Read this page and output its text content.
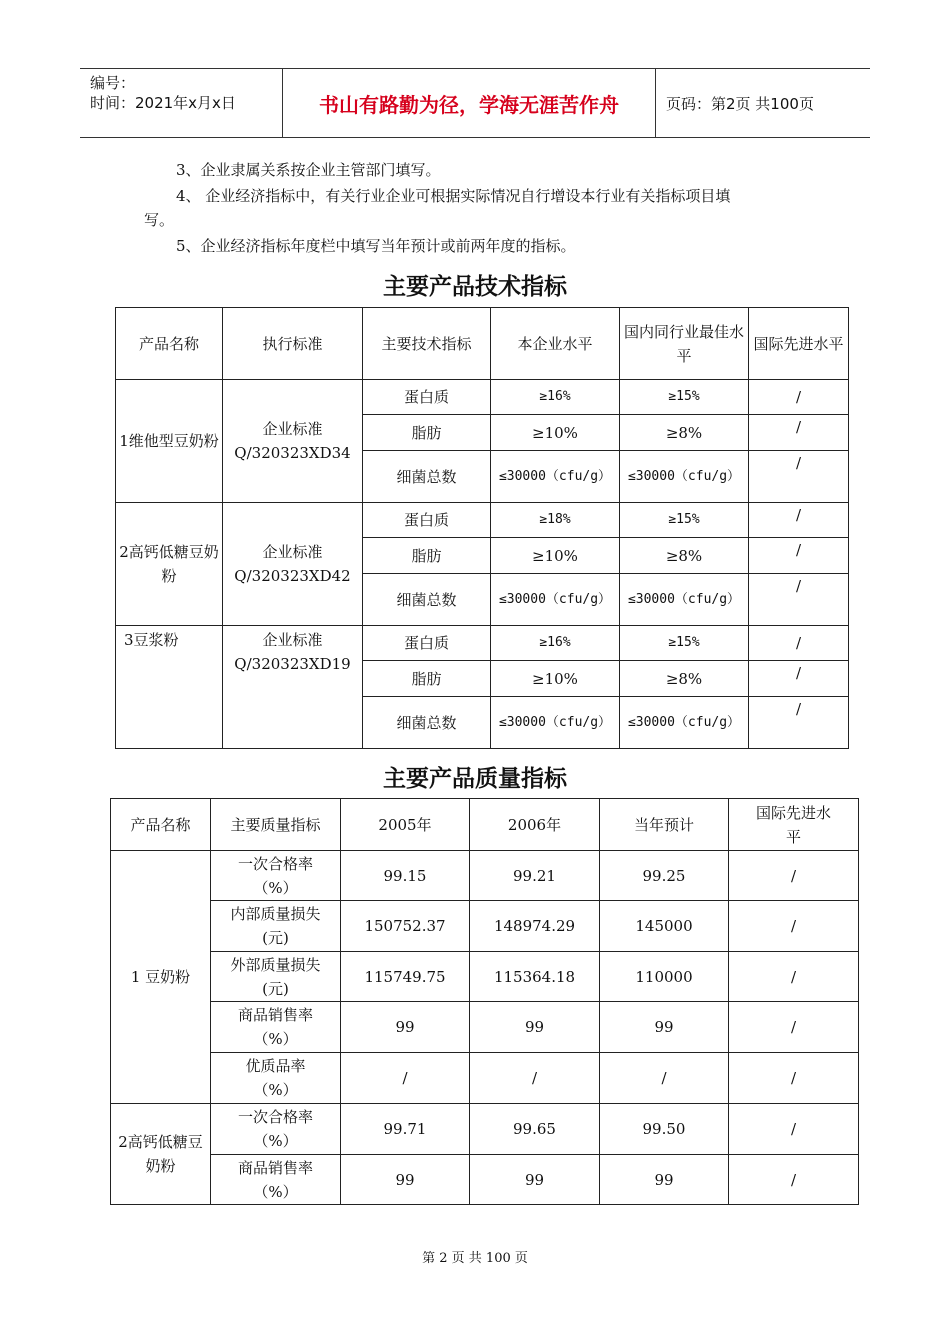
编号：
时间：2021年x月x日	书山有路勤为径，学海无涯苦作舟	页码：第2页 共100页
3、企业隶属关系按企业主管部门填写。
4、 企业经济指标中，有关行业企业可根据实际情况自行增设本行业有关指标项目填
写。
5、企业经济指标年度栏中填写当年预计或前两年度的指标。
主要产品技术指标
产品名称	执行标准	主要技术指标	本企业水平	国内同行业最佳水平	国际先进水平
1维他型豆奶粉	企业标准Q/320323XD34	蛋白质	≥16%	≥15%	/
		脂肪	≥10%	≥8%	/
		细菌总数	≤30000（cfu/g）	≤30000（cfu/g）	/
2高钙低糖豆奶粉	企业标准Q/320323XD42	蛋白质	≥18%	≥15%	/
		脂肪	≥10%	≥8%	/
		细菌总数	≤30000（cfu/g）	≤30000（cfu/g）	/
3豆浆粉	企业标准Q/320323XD19	蛋白质	≥16%	≥15%	/
		脂肪	≥10%	≥8%	/
		细菌总数	≤30000（cfu/g）	≤30000（cfu/g）	/
主要产品质量指标
产品名称	主要质量指标	2005年	2006年	当年预计	国际先进水平
1 豆奶粉	一次合格率（%）	99.15	99.21	99.25	/
	内部质量损失(元)	150752.37	148974.29	145000	/
	外部质量损失(元)	115749.75	115364.18	110000	/
	商品销售率（%）	99	99	99	/
	优质品率（%）	/	/	/	/
2高钙低糖豆奶粉	一次合格率（%）	99.71	99.65	99.50	/
	商品销售率（%）	99	99	99	/
第 2 页 共 100 页
